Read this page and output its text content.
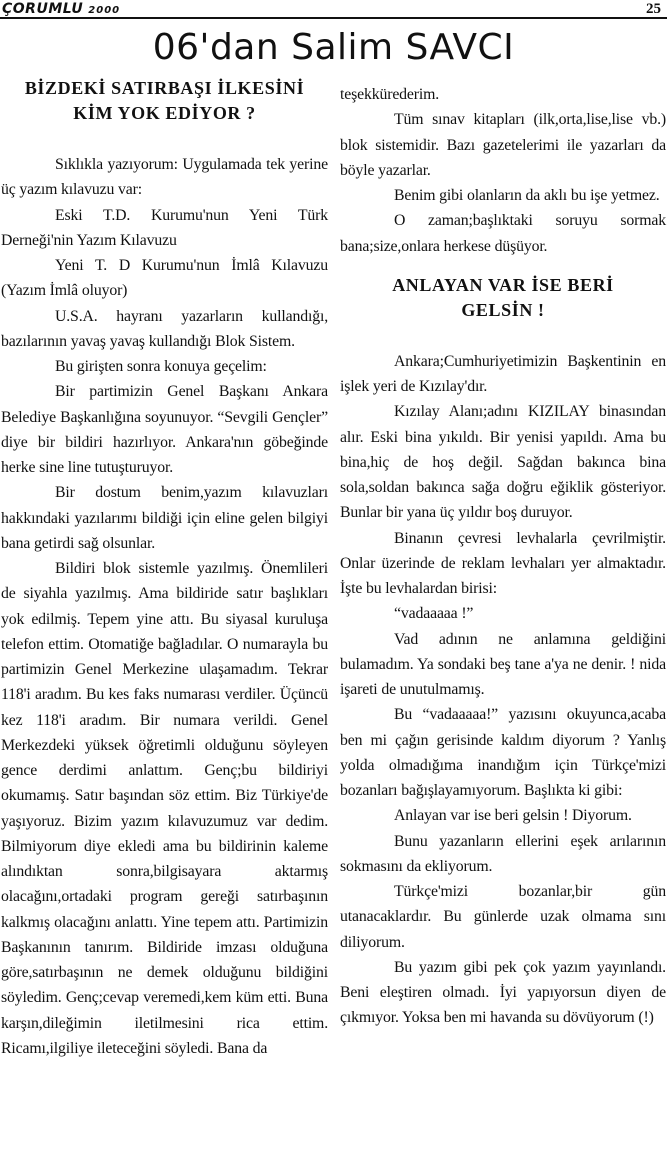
ÇORUMLU 2000	25
06'dan Salim SAVCI
BİZDEKİ SATIRBAŞI İLKESİNİ
KİM YOK EDİYOR ?

Sıklıkla yazıyorum: Uygulamada tek yerine üç yazım kılavuzu var:

Eski T.D. Kurumu'nun Yeni Türk Derneği'nin Yazım Kılavuzu

Yeni T. D Kurumu'nun İmlâ Kılavuzu (Yazım İmlâ oluyor)

U.S.A. hayranı yazarların kullandığı, bazılarının yavaş yavaş kullandığı Blok Sistem.

Bu girişten sonra konuya geçelim:

Bir partimizin Genel Başkanı Ankara Belediye Başkanlığına soyunuyor. “Sevgili Gençler” diye bir bildiri hazırlıyor. Ankara'nın göbeğinde herke sine line tutuşturuyor.

Bir dostum benim,yazım kılavuzları hakkındaki yazılarımı bildiği için eline gelen bilgiyi bana getirdi sağ olsunlar.

Bildiri blok sistemle yazılmış. Önemlileri de siyahla yazılmış. Ama bildiride satır başlıkları yok edilmiş. Tepem yine attı. Bu siyasal kuruluşa telefon ettim. Otomatiğe bağladılar. O numarayla bu partimizin Genel Merkezine ulaşamadım. Tekrar 118'i aradım. Bu kes faks numarası verdiler. Üçüncü kez 118'i aradım. Bir numara verildi. Genel Merkezdeki yüksek öğretimli olduğunu söyleyen gence derdimi anlattım. Genç;bu bildiriyi okumamış. Satır başından söz ettim. Biz Türkiye'de yaşıyoruz. Bizim yazım kılavuzumuz var dedim. Bilmiyorum diye ekledi ama bu bildirinin kaleme alındıktan sonra,bilgisayara aktarmış olacağını,ortadaki program gereği satırbaşının kalkmış olacağını anlattı. Yine tepem attı. Partimizin Başkanının tanırım. Bildiride imzası olduğuna göre,satırbaşının ne demek olduğunu bildiğini söyledim. Genç;cevap veremedi,kem küm etti. Buna karşın,dileğimin iletilmesini rica ettim. Ricamı,ilgiliye ileteceğini söyledi. Bana da

teşekkürederim.

Tüm sınav kitapları (ilk,orta,lise,lise vb.) blok sistemidir. Bazı gazetelerimi ile yazarları da böyle yazarlar.

Benim gibi olanların da aklı bu işe yetmez.

O zaman;başlıktaki soruyu sormak bana;size,onlara herkese düşüyor.

ANLAYAN VAR İSE BERİ
GELSİN !

Ankara;Cumhuriyetimizin Başkentinin en işlek yeri de Kızılay'dır.

Kızılay Alanı;adını KIZILAY binasından alır. Eski bina yıkıldı. Bir yenisi yapıldı. Ama bu bina,hiç de hoş değil. Sağdan bakınca bina sola,soldan bakınca sağa doğru eğiklik gösteriyor. Bunlar bir yana üç yıldır boş duruyor.

Binanın çevresi levhalarla çevrilmiştir. Onlar üzerinde de reklam levhaları yer almaktadır. İşte bu levhalardan birisi:

“vadaaaaa !”

Vad adının ne anlamına geldiğini bulamadım. Ya sondaki beş tane a'ya ne denir. ! nida işareti de unutulmamış.

Bu “vadaaaaa!” yazısını okuyunca,acaba ben mi çağın gerisinde kaldım diyorum ? Yanlış yolda olmadığıma inandığım için Türkçe'mizi bozanları bağışlayamıyorum. Başlıkta ki gibi:

Anlayan var ise beri gelsin ! Diyorum.

Bunu yazanların ellerini eşek arılarının sokmasını da ekliyorum.

Türkçe'mizi bozanlar,bir gün utanacaklardır. Bu günlerde uzak olmama sını diliyorum.

Bu yazım gibi pek çok yazım yayınlandı. Beni eleştiren olmadı. İyi yapıyorsun diyen de çıkmıyor. Yoksa ben mi havanda su dövüyorum (!)
